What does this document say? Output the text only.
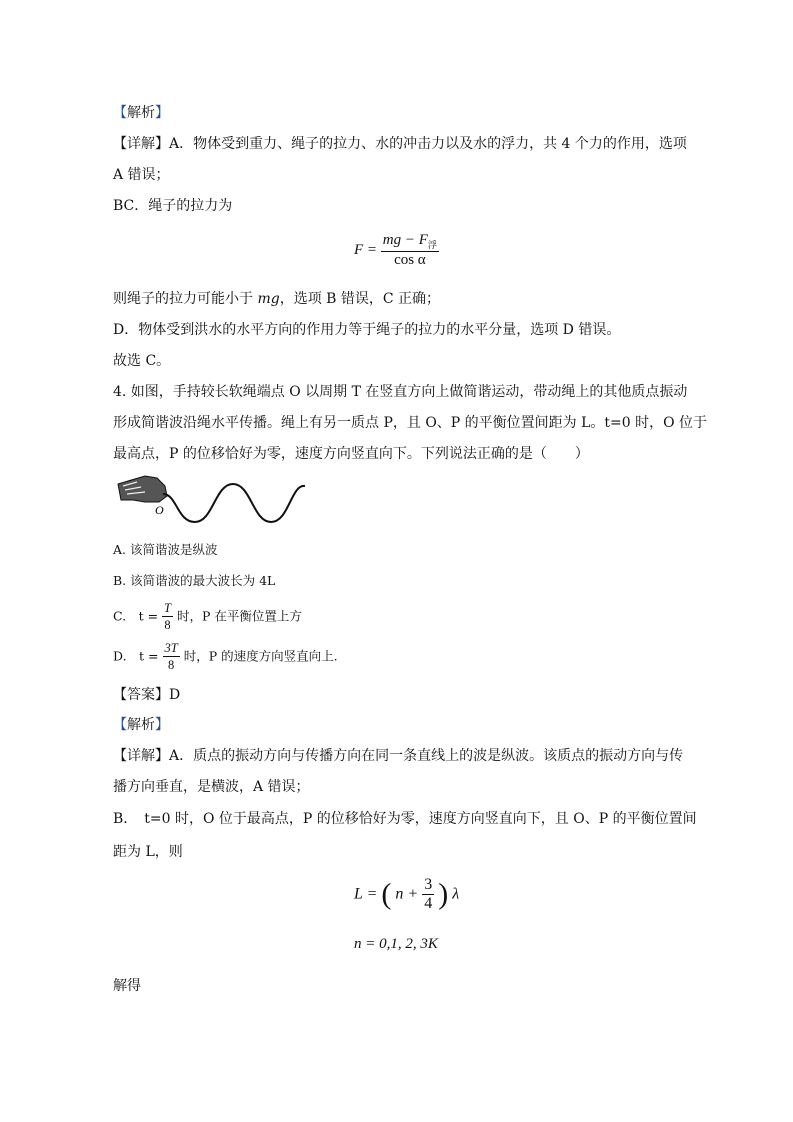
【解析】
【详解】A．物体受到重力、绳子的拉力、水的冲击力以及水的浮力，共 4 个力的作用，选项
A 错误；
BC．绳子的拉力为
$F = \frac{mg - F_浮}{\text{cos α}}$
则绳子的拉力可能小于 mg，选项 B 错误，C 正确；
D．物体受到洪水的水平方向的作用力等于绳子的拉力的水平分量，选项 D 错误。
故选 C。
4. 如图，手持较长软绳端点 O 以周期 T 在竖直方向上做简谐运动，带动绳上的其他质点振动
形成简谐波沿绳水平传播。绳上有另一质点 P，且 O、P 的平衡位置间距为 L。t=0 时，O 位于
最高点，P 的位移恰好为零，速度方向竖直向下。下列说法正确的是（　　）
O
A. 该简谐波是纵波
B. 该简谐波的最大波长为 4L
C.　$t = \frac{T}{8}$ 时，P 在平衡位置上方
D.　$t = \frac{3T}{8}$ 时，P 的速度方向竖直向上.
【答案】D
【解析】
【详解】A．质点的振动方向与传播方向在同一条直线上的波是纵波。该质点的振动方向与传
播方向垂直，是横波，A 错误；
B．　t=0 时，O 位于最高点，P 的位移恰好为零，速度方向竖直向下，且 O、P 的平衡位置间
距为 L，则
L = ( $n + \frac{3}{4}$ ) λ
n = 0,1, 2, 3K
解得
